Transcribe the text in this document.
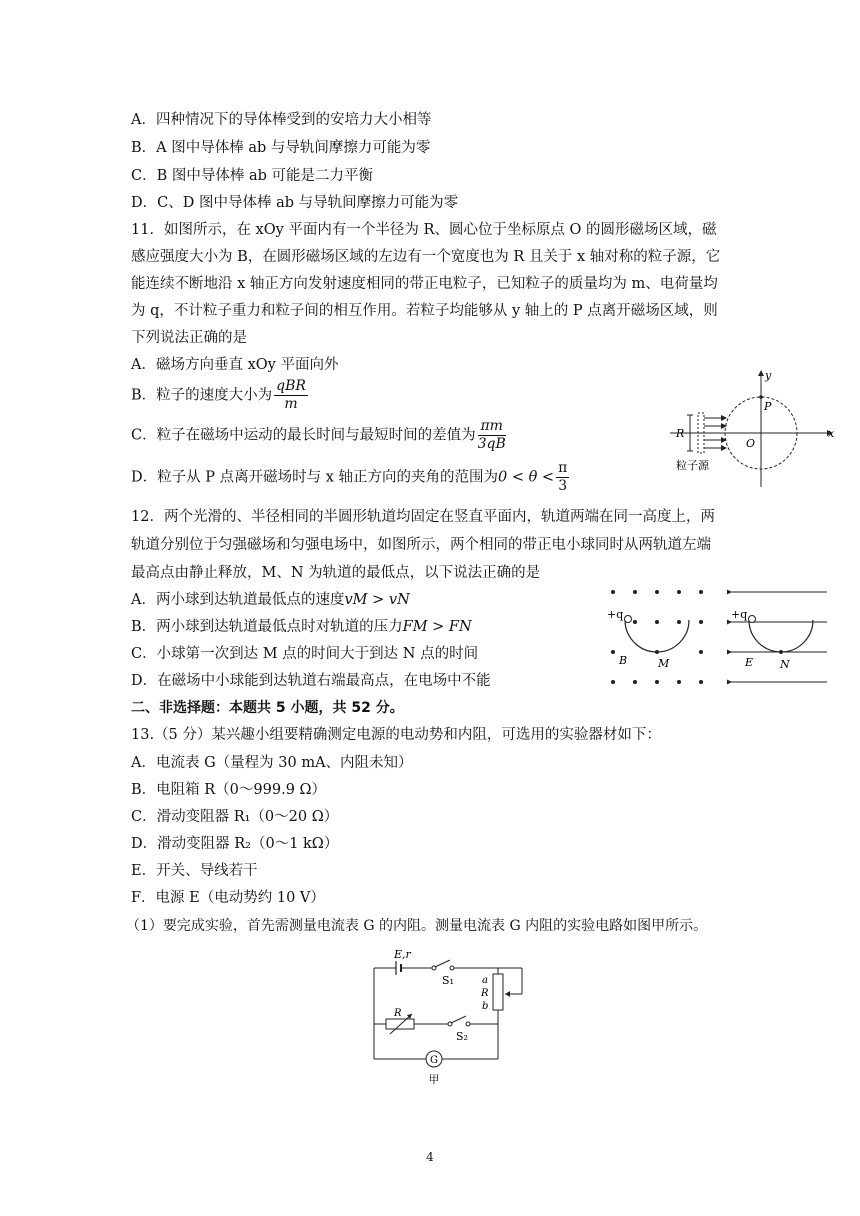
A．四种情况下的导体棒受到的安培力大小相等
B．A 图中导体棒 ab 与导轨间摩擦力可能为零
C．B 图中导体棒 ab 可能是二力平衡
D．C、D 图中导体棒 ab 与导轨间摩擦力可能为零
11．如图所示，在 xOy 平面内有一个半径为 R、圆心位于坐标原点 O 的圆形磁场区域，磁
感应强度大小为 B，在圆形磁场区域的左边有一个宽度也为 R 且关于 x 轴对称的粒子源，它
能连续不断地沿 x 轴正方向发射速度相同的带正电粒子，已知粒子的质量均为 m、电荷量均
为 q，不计粒子重力和粒子间的相互作用。若粒子均能够从 y 轴上的 P 点离开磁场区域，则
下列说法正确的是
A．磁场方向垂直 xOy 平面向外
B．粒子的速度大小为 $\frac{\text{qBR}}{m}$
C．粒子在磁场中运动的最长时间与最短时间的差值为 $\frac{\pi m}{3qB}$
D．粒子从 P 点离开磁场时与 x 轴正方向的夹角的范围为$0 < \theta < \frac{\pi}{3}$
y
x
P
O
R
粒子源
12．两个光滑的、半径相同的半圆形轨道均固定在竖直平面内，轨道两端在同一高度上，两
轨道分别位于匀强磁场和匀强电场中，如图所示，两个相同的带正电小球同时从两轨道左端
最高点由静止释放，M、N 为轨道的最低点，以下说法正确的是
A．两小球到达轨道最低点的速度vM > vN
B．两小球到达轨道最低点时对轨道的压力FM > FN
C．小球第一次到达 M 点的时间大于到达 N 点的时间
D．在磁场中小球能到达轨道右端最高点，在电场中不能
+q
B	M
+q
E N
二、非选择题：本题共 5 小题，共 52 分。
13.（5 分）某兴趣小组要精确测定电源的电动势和内阻，可选用的实验器材如下：
A．电流表 G（量程为 30 mA、内阻未知）
B．电阻箱 R（0～999.9 Ω）
C．滑动变阻器 R₁（0～20 Ω）
D．滑动变阻器 R₂（0～1 kΩ）
E．开关、导线若干
F．电源 E（电动势约 10 V）
（1）要完成实验，首先需测量电流表 G 的内阻。测量电流表 G 内阻的实验电路如图甲所示。
E,r
S₁	a
R
b
R
S₂
G
甲
4
